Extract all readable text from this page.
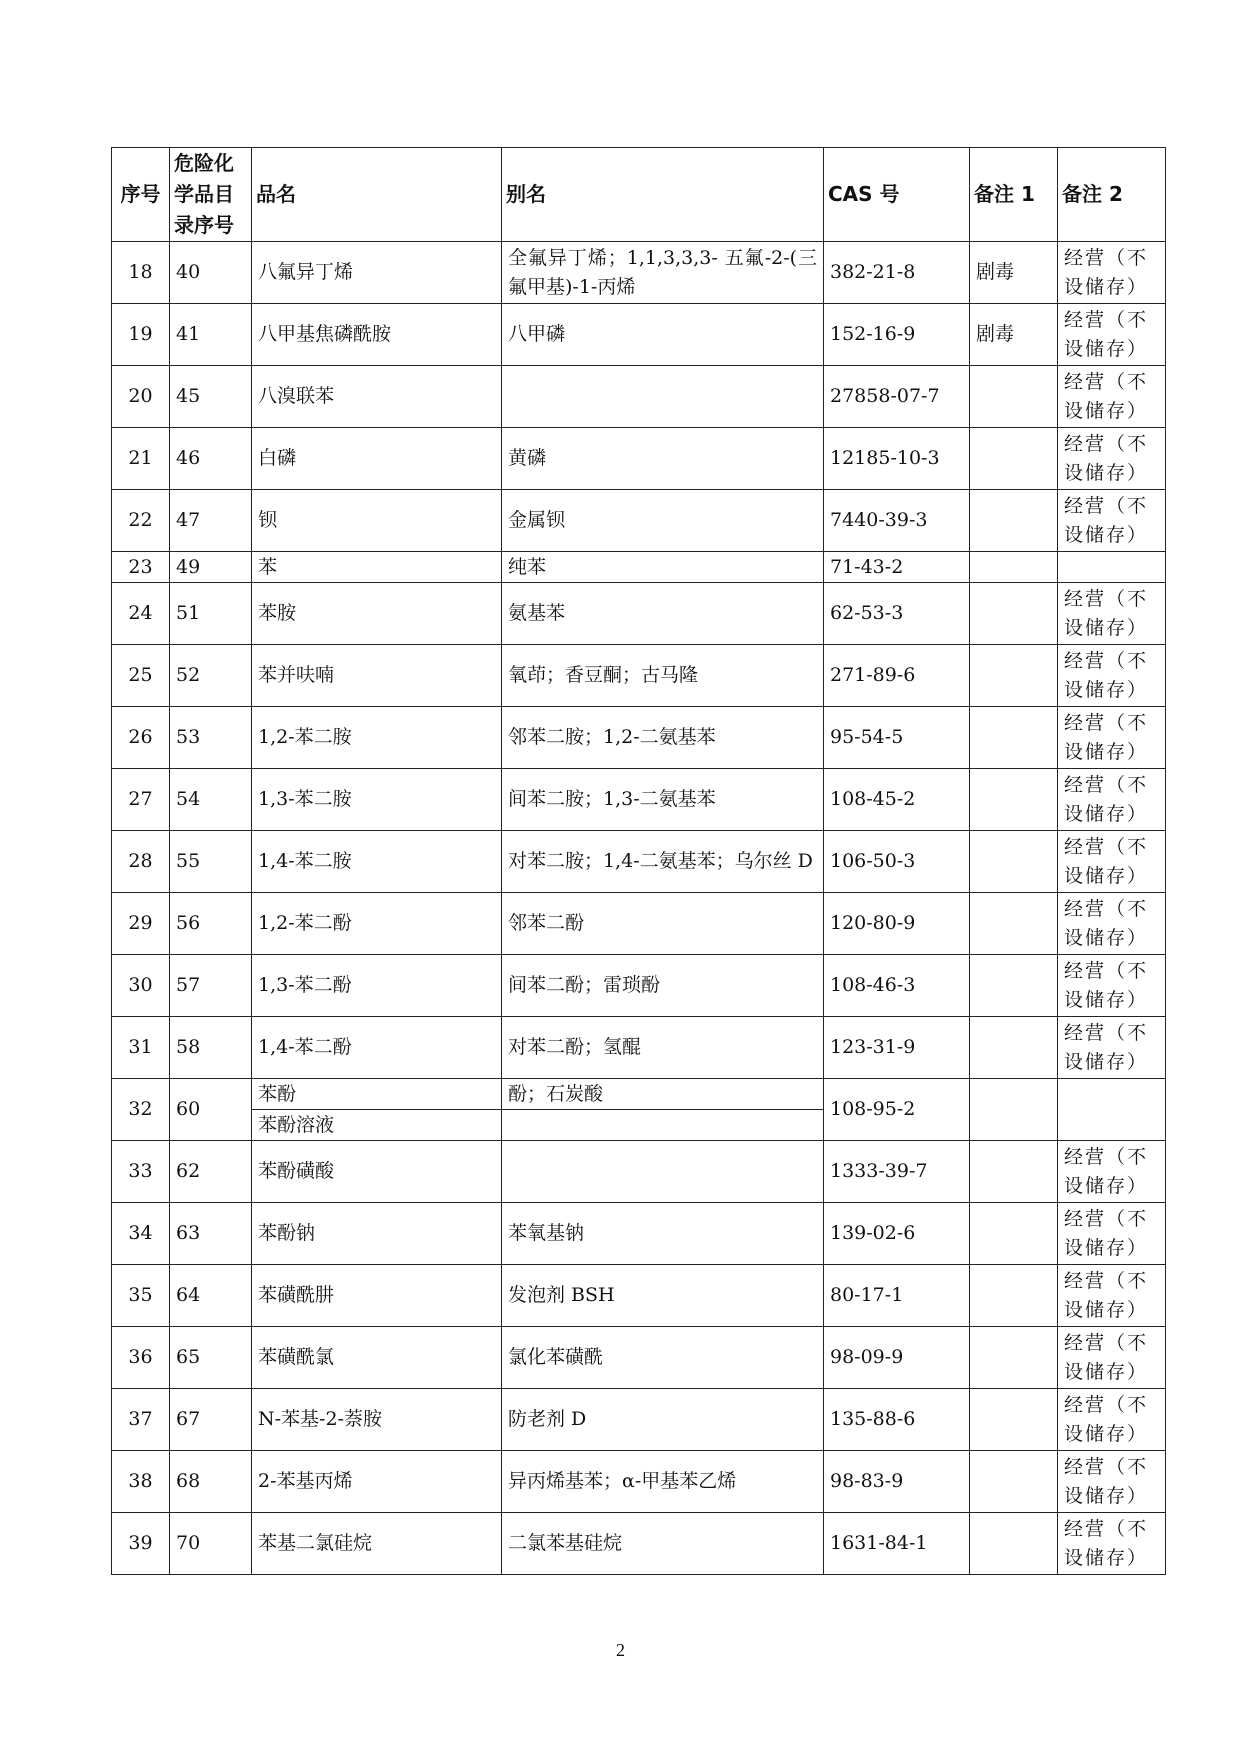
序号	危险化学品目录序号	品名	别名	CAS 号	备注 1	备注 2
18	40	八氟异丁烯	全氟异丁烯；1,1,3,3,3- 五氟-2-(三氟甲基)-1-丙烯	382-21-8	剧毒	经营（不设储存）
19	41	八甲基焦磷酰胺	八甲磷	152-16-9	剧毒	经营（不设储存）
20	45	八溴联苯		27858-07-7		经营（不设储存）
21	46	白磷	黄磷	12185-10-3		经营（不设储存）
22	47	钡	金属钡	7440-39-3		经营（不设储存）
23	49	苯	纯苯	71-43-2		
24	51	苯胺	氨基苯	62-53-3		经营（不设储存）
25	52	苯并呋喃	氧茚；香豆酮；古马隆	271-89-6		经营（不设储存）
26	53	1,2-苯二胺	邻苯二胺；1,2-二氨基苯	95-54-5		经营（不设储存）
27	54	1,3-苯二胺	间苯二胺；1,3-二氨基苯	108-45-2		经营（不设储存）
28	55	1,4-苯二胺	对苯二胺；1,4-二氨基苯；乌尔丝 D	106-50-3		经营（不设储存）
29	56	1,2-苯二酚	邻苯二酚	120-80-9		经营（不设储存）
30	57	1,3-苯二酚	间苯二酚；雷琐酚	108-46-3		经营（不设储存）
31	58	1,4-苯二酚	对苯二酚；氢醌	123-31-9		经营（不设储存）
32	60	苯酚	酚；石炭酸	108-95-2		
		苯酚溶液				
33	62	苯酚磺酸		1333-39-7		经营（不设储存）
34	63	苯酚钠	苯氧基钠	139-02-6		经营（不设储存）
35	64	苯磺酰肼	发泡剂 BSH	80-17-1		经营（不设储存）
36	65	苯磺酰氯	氯化苯磺酰	98-09-9		经营（不设储存）
37	67	N-苯基-2-萘胺	防老剂 D	135-88-6		经营（不设储存）
38	68	2-苯基丙烯	异丙烯基苯；α-甲基苯乙烯	98-83-9		经营（不设储存）
39	70	苯基二氯硅烷	二氯苯基硅烷	1631-84-1		经营（不设储存）
2
